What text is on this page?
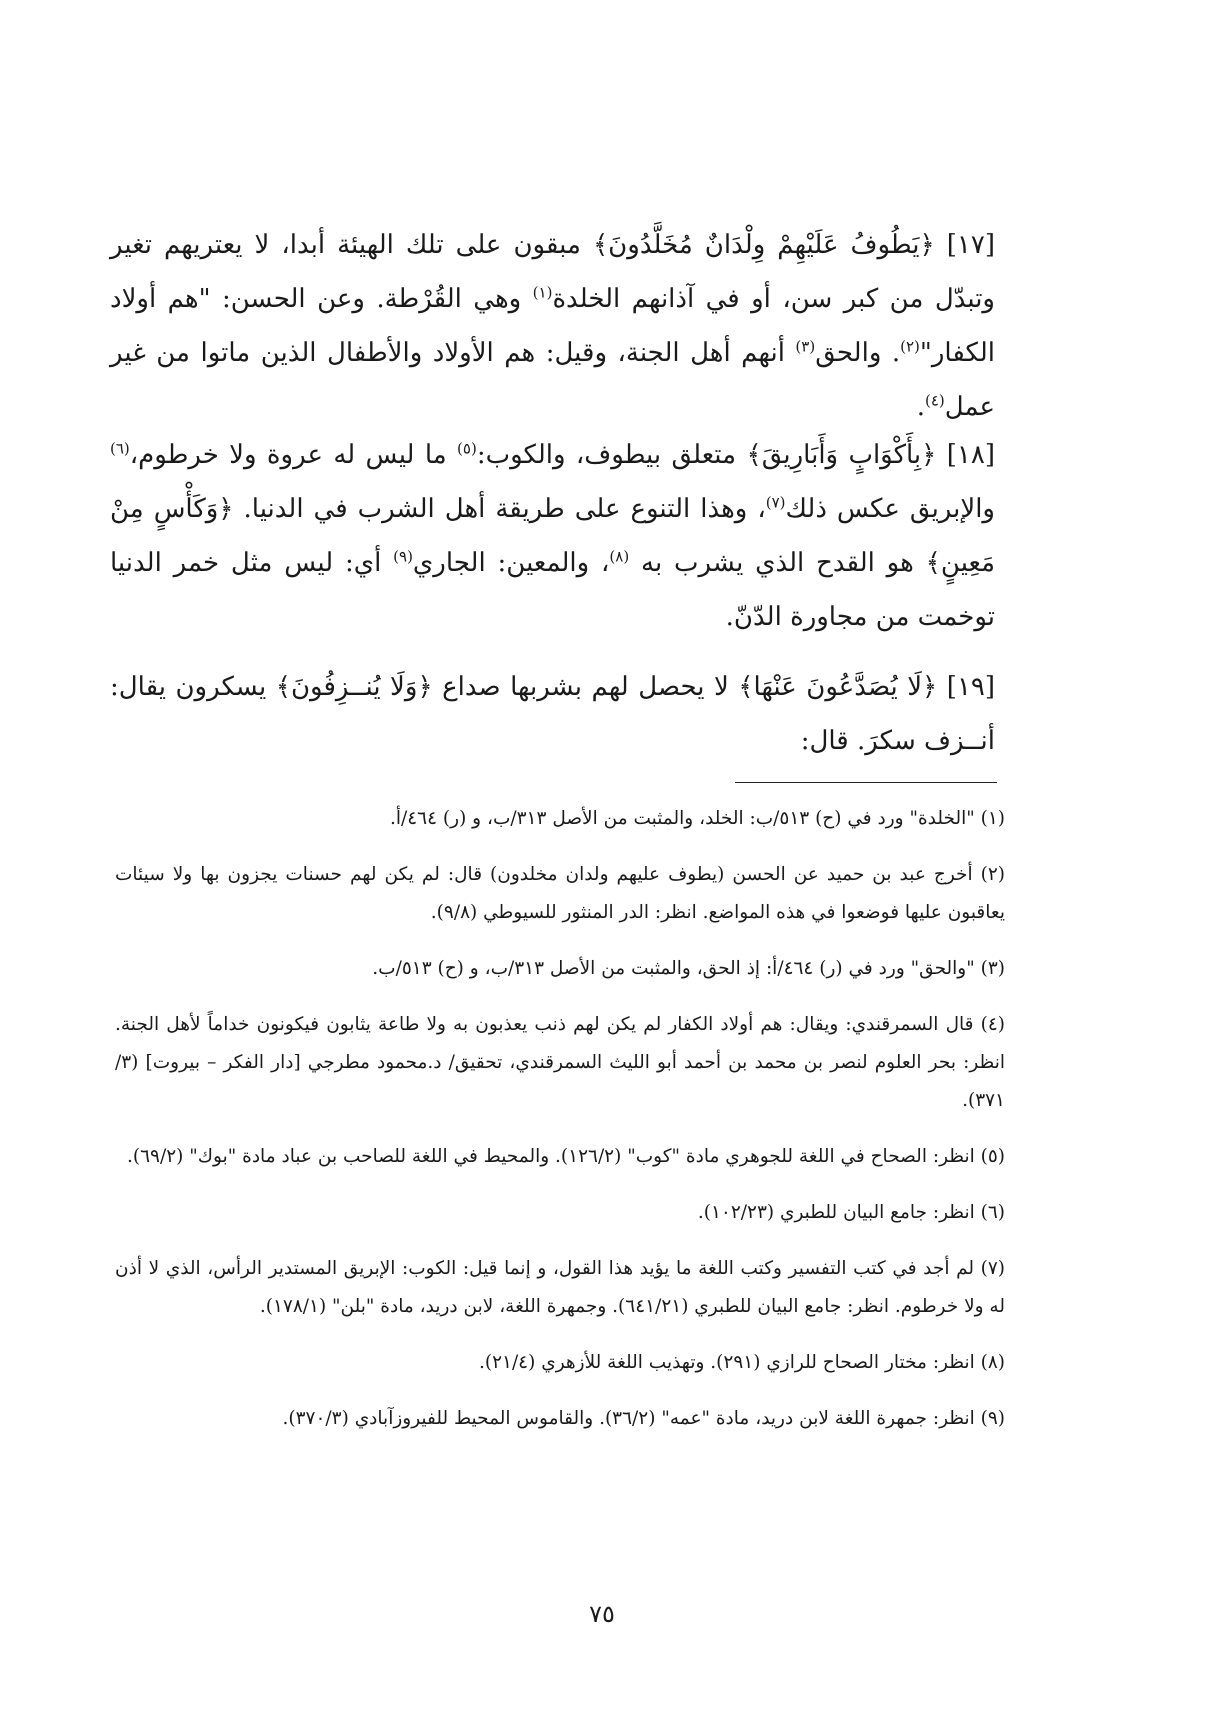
[١٧] ﴿يَطُوفُ عَلَيْهِمْ وِلْدَانٌ مُخَلَّدُونَ﴾ مبقون على تلك الهيئة أبدا، لا يعتريهم تغير وتبدّل من كبر سن، أو في آذانهم الخلدة$^{(١)}$ وهي القُرْطة. وعن الحسن: "هم أولاد الكفار"$^{(٢)}$. والحق$^{(٣)}$ أنهم أهل الجنة، وقيل: هم الأولاد والأطفال الذين ماتوا من غير عمل$^{(٤)}$.

[١٨] ﴿بِأَكْوَابٍ وَأَبَارِيقَ﴾ متعلق بيطوف، والكوب:$^{(٥)}$ ما ليس له عروة ولا خرطوم،$^{(٦)}$ والإبريق عكس ذلك$^{(٧)}$، وهذا التنوع على طريقة أهل الشرب في الدنيا. ﴿وَكَأْسٍ مِنْ مَعِينٍ﴾ هو القدح الذي يشرب به $^{(٨)}$، والمعين: الجاري$^{(٩)}$ أي: ليس مثل خمر الدنيا توخمت من مجاورة الدّنّ.

[١٩] ﴿لَا يُصَدَّعُونَ عَنْهَا﴾ لا يحصل لهم بشربها صداع ﴿وَلَا يُنــزِفُونَ﴾ يسكرون يقال: أنــزف سكرَ. قال:

(١) "الخلدة" ورد في (ح) ٥١٣/ب: الخلد، والمثبت من الأصل ٣١٣/ب، و (ر) ٤٦٤/أ.

(٢) أخرج عبد بن حميد عن الحسن (يطوف عليهم ولدان مخلدون) قال: لم يكن لهم حسنات يجزون بها ولا سيئات يعاقبون عليها فوضعوا في هذه المواضع. انظر: الدر المنثور للسيوطي (٩/٨).

(٣) "والحق" ورد في (ر) ٤٦٤/أ: إذ الحق، والمثبت من الأصل ٣١٣/ب، و (ح) ٥١٣/ب.

(٤) قال السمرقندي: ويقال: هم أولاد الكفار لم يكن لهم ذنب يعذبون به ولا طاعة يثابون فيكونون خداماً لأهل الجنة. انظر: بحر العلوم لنصر بن محمد بن أحمد أبو الليث السمرقندي، تحقيق/ د.محمود مطرجي [دار الفكر – بيروت] (٣/ ٣٧١).

(٥) انظر: الصحاح في اللغة للجوهري مادة "كوب" (١٢٦/٢). والمحيط في اللغة للصاحب بن عباد مادة "بوك" (٦٩/٢).

(٦) انظر: جامع البيان للطبري (١٠٢/٢٣).

(٧) لم أجد في كتب التفسير وكتب اللغة ما يؤيد هذا القول، و إنما قيل: الكوب: الإبريق المستدير الرأس، الذي لا أذن له ولا خرطوم. انظر: جامع البيان للطبري (٦٤١/٢١). وجمهرة اللغة، لابن دريد، مادة "بلن" (١٧٨/١).

(٨) انظر: مختار الصحاح للرازي (٢٩١). وتهذيب اللغة للأزهري (٢١/٤).

(٩) انظر: جمهرة اللغة لابن دريد، مادة "عمه" (٣٦/٢). والقاموس المحيط للفيروزآبادي (٣٧٠/٣).

٧٥
